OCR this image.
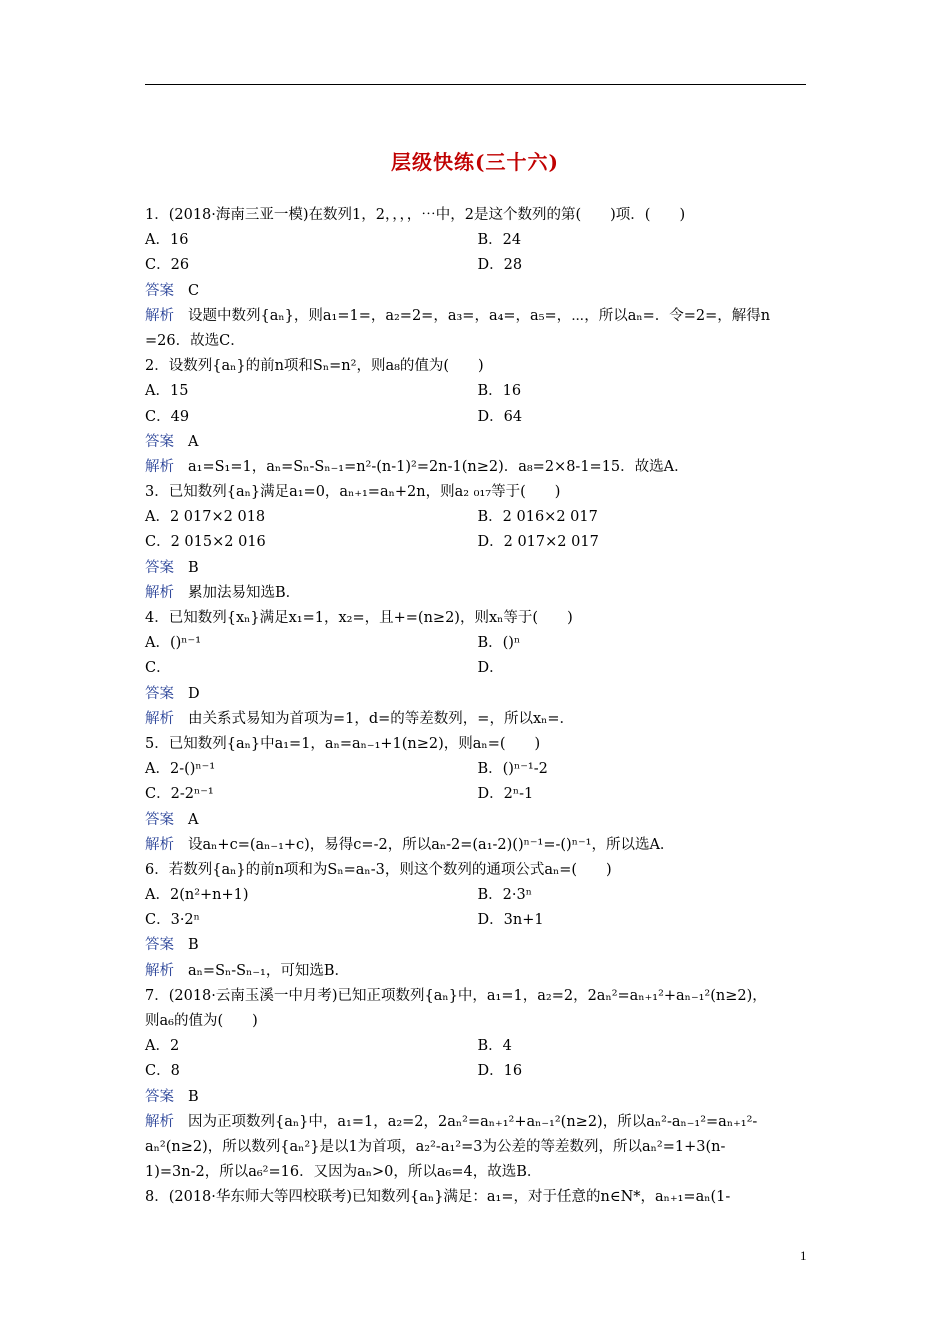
层级快练(三十六)
1．(2018·海南三亚一模)在数列1，2，，，，⋯中，2是这个数列的第(　　)项．(　　)
A．16	B．24
C．26	D．28
答案 C
解析 设题中数列{aₙ}，则a₁=1=，a₂=2=，a₃=，a₄=，a₅=，⋯，所以aₙ=．令=2=，解得n
=26．故选C．
2．设数列{aₙ}的前n项和Sₙ=n²，则a₈的值为(　　)
A．15	B．16
C．49	D．64
答案 A
解析 a₁=S₁=1，aₙ=Sₙ-Sₙ₋₁=n²-(n-1)²=2n-1(n≥2)．a₈=2×8-1=15．故选A．
3．已知数列{aₙ}满足a₁=0，aₙ₊₁=aₙ+2n，则a₂ ₀₁₇等于(　　)
A．2 017×2 018	B．2 016×2 017
C．2 015×2 016	D．2 017×2 017
答案 B
解析 累加法易知选B．
4．已知数列{xₙ}满足x₁=1，x₂=，且+=(n≥2)，则xₙ等于(　　)
A．()ⁿ⁻¹	B．()ⁿ
C．	D．
答案 D
解析 由关系式易知为首项为=1，d=的等差数列，=，所以xₙ=．
5．已知数列{aₙ}中a₁=1，aₙ=aₙ₋₁+1(n≥2)，则aₙ=(　　)
A．2-()ⁿ⁻¹	B．()ⁿ⁻¹-2
C．2-2ⁿ⁻¹	D．2ⁿ-1
答案 A
解析 设aₙ+c=(aₙ₋₁+c)，易得c=-2，所以aₙ-2=(a₁-2)()ⁿ⁻¹=-()ⁿ⁻¹，所以选A．
6．若数列{aₙ}的前n项和为Sₙ=aₙ-3，则这个数列的通项公式aₙ=(　　)
A．2(n²+n+1)	B．2·3ⁿ
C．3·2ⁿ	D．3n+1
答案 B
解析 aₙ=Sₙ-Sₙ₋₁，可知选B．
7．(2018·云南玉溪一中月考)已知正项数列{aₙ}中，a₁=1，a₂=2，2aₙ²=aₙ₊₁²+aₙ₋₁²(n≥2)，
则a₆的值为(　　)
A．2	B．4
C．8	D．16
答案 B
解析 因为正项数列{aₙ}中，a₁=1，a₂=2，2aₙ²=aₙ₊₁²+aₙ₋₁²(n≥2)，所以aₙ²-aₙ₋₁²=aₙ₊₁²-
aₙ²(n≥2)，所以数列{aₙ²}是以1为首项，a₂²-a₁²=3为公差的等差数列，所以aₙ²=1+3(n-
1)=3n-2，所以a₆²=16．又因为aₙ>0，所以a₆=4，故选B．
8．(2018·华东师大等四校联考)已知数列{aₙ}满足：a₁=，对于任意的n∈N*，aₙ₊₁=aₙ(1-
1
